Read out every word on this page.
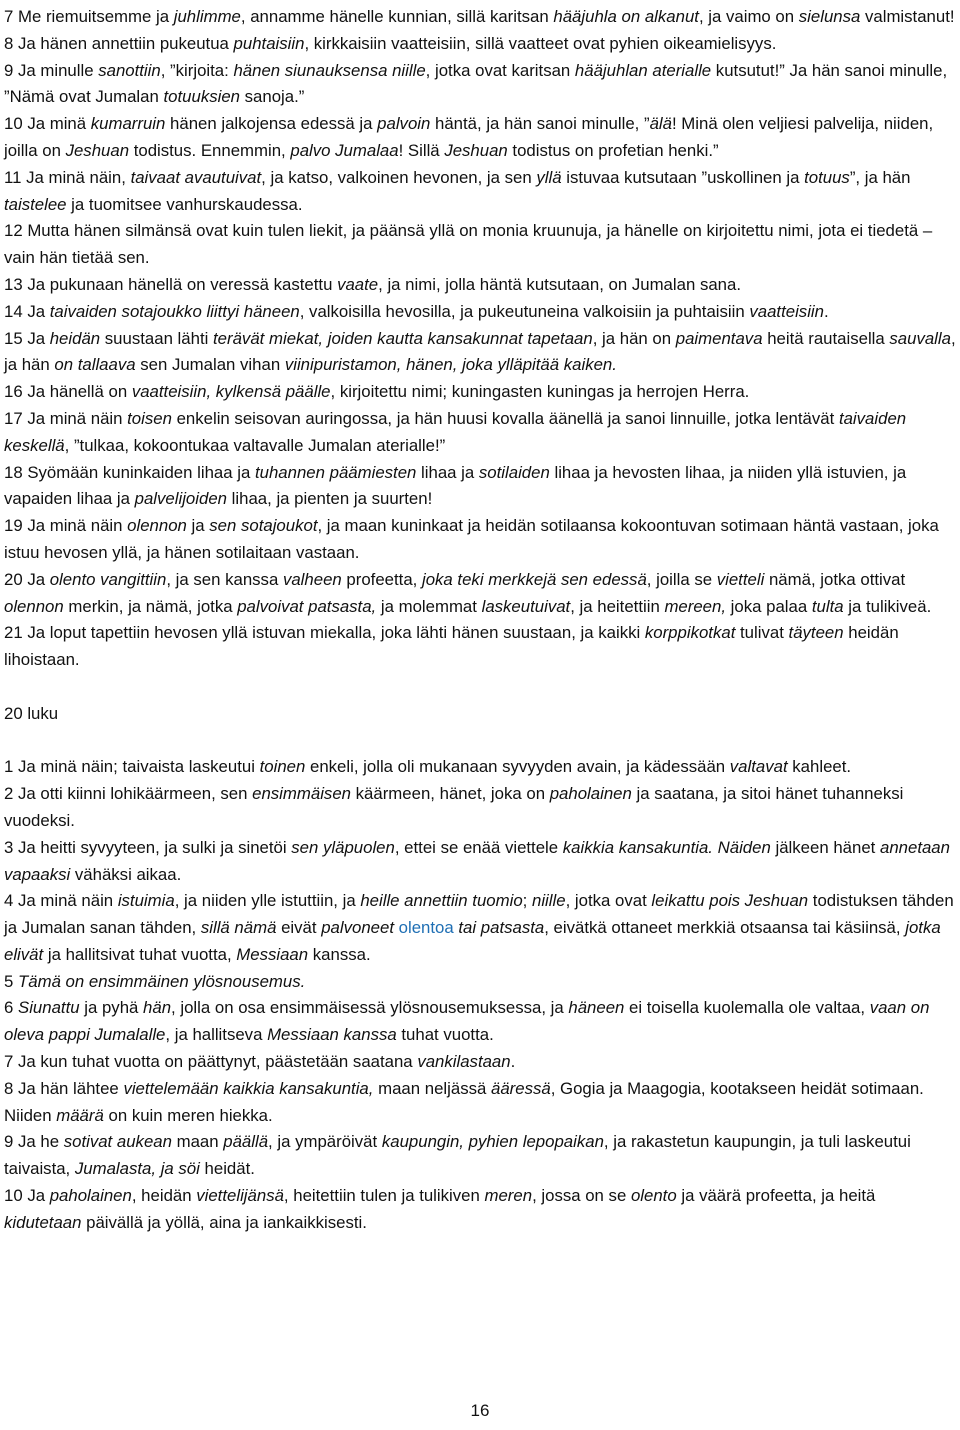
7 Me riemuitsemme ja juhlimme, annamme hänelle kunnian, sillä karitsan hääjuhla on alkanut, ja vaimo on sielunsa valmistanut!

8 Ja hänen annettiin pukeutua puhtaisiin, kirkkaisiin vaatteisiin, sillä vaatteet ovat pyhien oikeamielisyys.

9 Ja minulle sanottiin, ”kirjoita: hänen siunauksensa niille, jotka ovat karitsan hääjuhlan aterialle kutsutut!” Ja hän sanoi minulle, ”Nämä ovat Jumalan totuuksien sanoja.”

10 Ja minä kumarruin hänen jalkojensa edessä ja palvoin häntä, ja hän sanoi minulle, ”älä! Minä olen veljiesi palvelija, niiden, joilla on Jeshuan todistus. Ennemmin, palvo Jumalaa! Sillä Jeshuan todistus on profetian henki.”

11 Ja minä näin, taivaat avautuivat, ja katso, valkoinen hevonen, ja sen yllä istuvaa kutsutaan ”uskollinen ja totuus”, ja hän taistelee ja tuomitsee vanhurskaudessa.

12 Mutta hänen silmänsä ovat kuin tulen liekit, ja päänsä yllä on monia kruunuja, ja hänelle on kirjoitettu nimi, jota ei tiedetä – vain hän tietää sen.

13 Ja pukunaan hänellä on veressä kastettu vaate, ja nimi, jolla häntä kutsutaan, on Jumalan sana.

14 Ja taivaiden sotajoukko liittyi häneen, valkoisilla hevosilla, ja pukeutuneina valkoisiin ja puhtaisiin vaatteisiin.

15 Ja heidän suustaan lähti terävät miekat, joiden kautta kansakunnat tapetaan, ja hän on paimentava heitä rautaisella sauvalla, ja hän on tallaava sen Jumalan vihan viinipuristamon, hänen, joka ylläpitää kaiken.

16 Ja hänellä on vaatteisiin, kylkensä päälle, kirjoitettu nimi; kuningasten kuningas ja herrojen Herra.

17 Ja minä näin toisen enkelin seisovan auringossa, ja hän huusi kovalla äänellä ja sanoi linnuille, jotka lentävät taivaiden keskellä, ”tulkaa, kokoontukaa valtavalle Jumalan aterialle!”

18 Syömään kuninkaiden lihaa ja tuhannen päämiesten lihaa ja sotilaiden lihaa ja hevosten lihaa, ja niiden yllä istuvien, ja vapaiden lihaa ja palvelijoiden lihaa, ja pienten ja suurten!

19 Ja minä näin olennon ja sen sotajoukot, ja maan kuninkaat ja heidän sotilaansa kokoontuvan sotimaan häntä vastaan, joka istuu hevosen yllä, ja hänen sotilaitaan vastaan.

20 Ja olento vangittiin, ja sen kanssa valheen profeetta, joka teki merkkejä sen edessä, joilla se vietteli nämä, jotka ottivat olennon merkin, ja nämä, jotka palvoivat patsasta, ja molemmat laskeutuivat, ja heitettiin mereen, joka palaa tulta ja tulikiveä.

21 Ja loput tapettiin hevosen yllä istuvan miekalla, joka lähti hänen suustaan, ja kaikki korppikotkat tulivat täyteen heidän lihoistaan.

20 luku

1 Ja minä näin; taivaista laskeutui toinen enkeli, jolla oli mukanaan syvyyden avain, ja kädessään valtavat kahleet.

2 Ja otti kiinni lohikäärmeen, sen ensimmäisen käärmeen, hänet, joka on paholainen ja saatana, ja sitoi hänet tuhanneksi vuodeksi.

3 Ja heitti syvyyteen, ja sulki ja sinetöi sen yläpuolen, ettei se enää viettele kaikkia kansakuntia. Näiden jälkeen hänet annetaan vapaaksi vähäksi aikaa.

4 Ja minä näin istuimia, ja niiden ylle istuttiin, ja heille annettiin tuomio; niille, jotka ovat leikattu pois Jeshuan todistuksen tähden ja Jumalan sanan tähden, sillä nämä eivät palvoneet olentoa tai patsasta, eivätkä ottaneet merkkiä otsaansa tai käsiinsä, jotka elivät ja hallitsivat tuhat vuotta, Messiaan kanssa.

5 Tämä on ensimmäinen ylösnousemus.

6 Siunattu ja pyhä hän, jolla on osa ensimmäisessä ylösnousemuksessa, ja häneen ei toisella kuolemalla ole valtaa, vaan on oleva pappi Jumalalle, ja hallitseva Messiaan kanssa tuhat vuotta.

7 Ja kun tuhat vuotta on päättynyt, päästetään saatana vankilastaan.

8 Ja hän lähtee viettelemään kaikkia kansakuntia, maan neljässä ääressä, Gogia ja Maagogia, kootakseen heidät sotimaan. Niiden määrä on kuin meren hiekka.

9 Ja he sotivat aukean maan päällä, ja ympäröivät kaupungin, pyhien lepopaikan, ja rakastetun kaupungin, ja tuli laskeutui taivaista, Jumalasta, ja söi heidät.

10 Ja paholainen, heidän viettelijänsä, heitettiin tulen ja tulikiven meren, jossa on se olento ja väärä profeetta, ja heitä kidutetaan päivällä ja yöllä, aina ja iankaikkisesti.

16
